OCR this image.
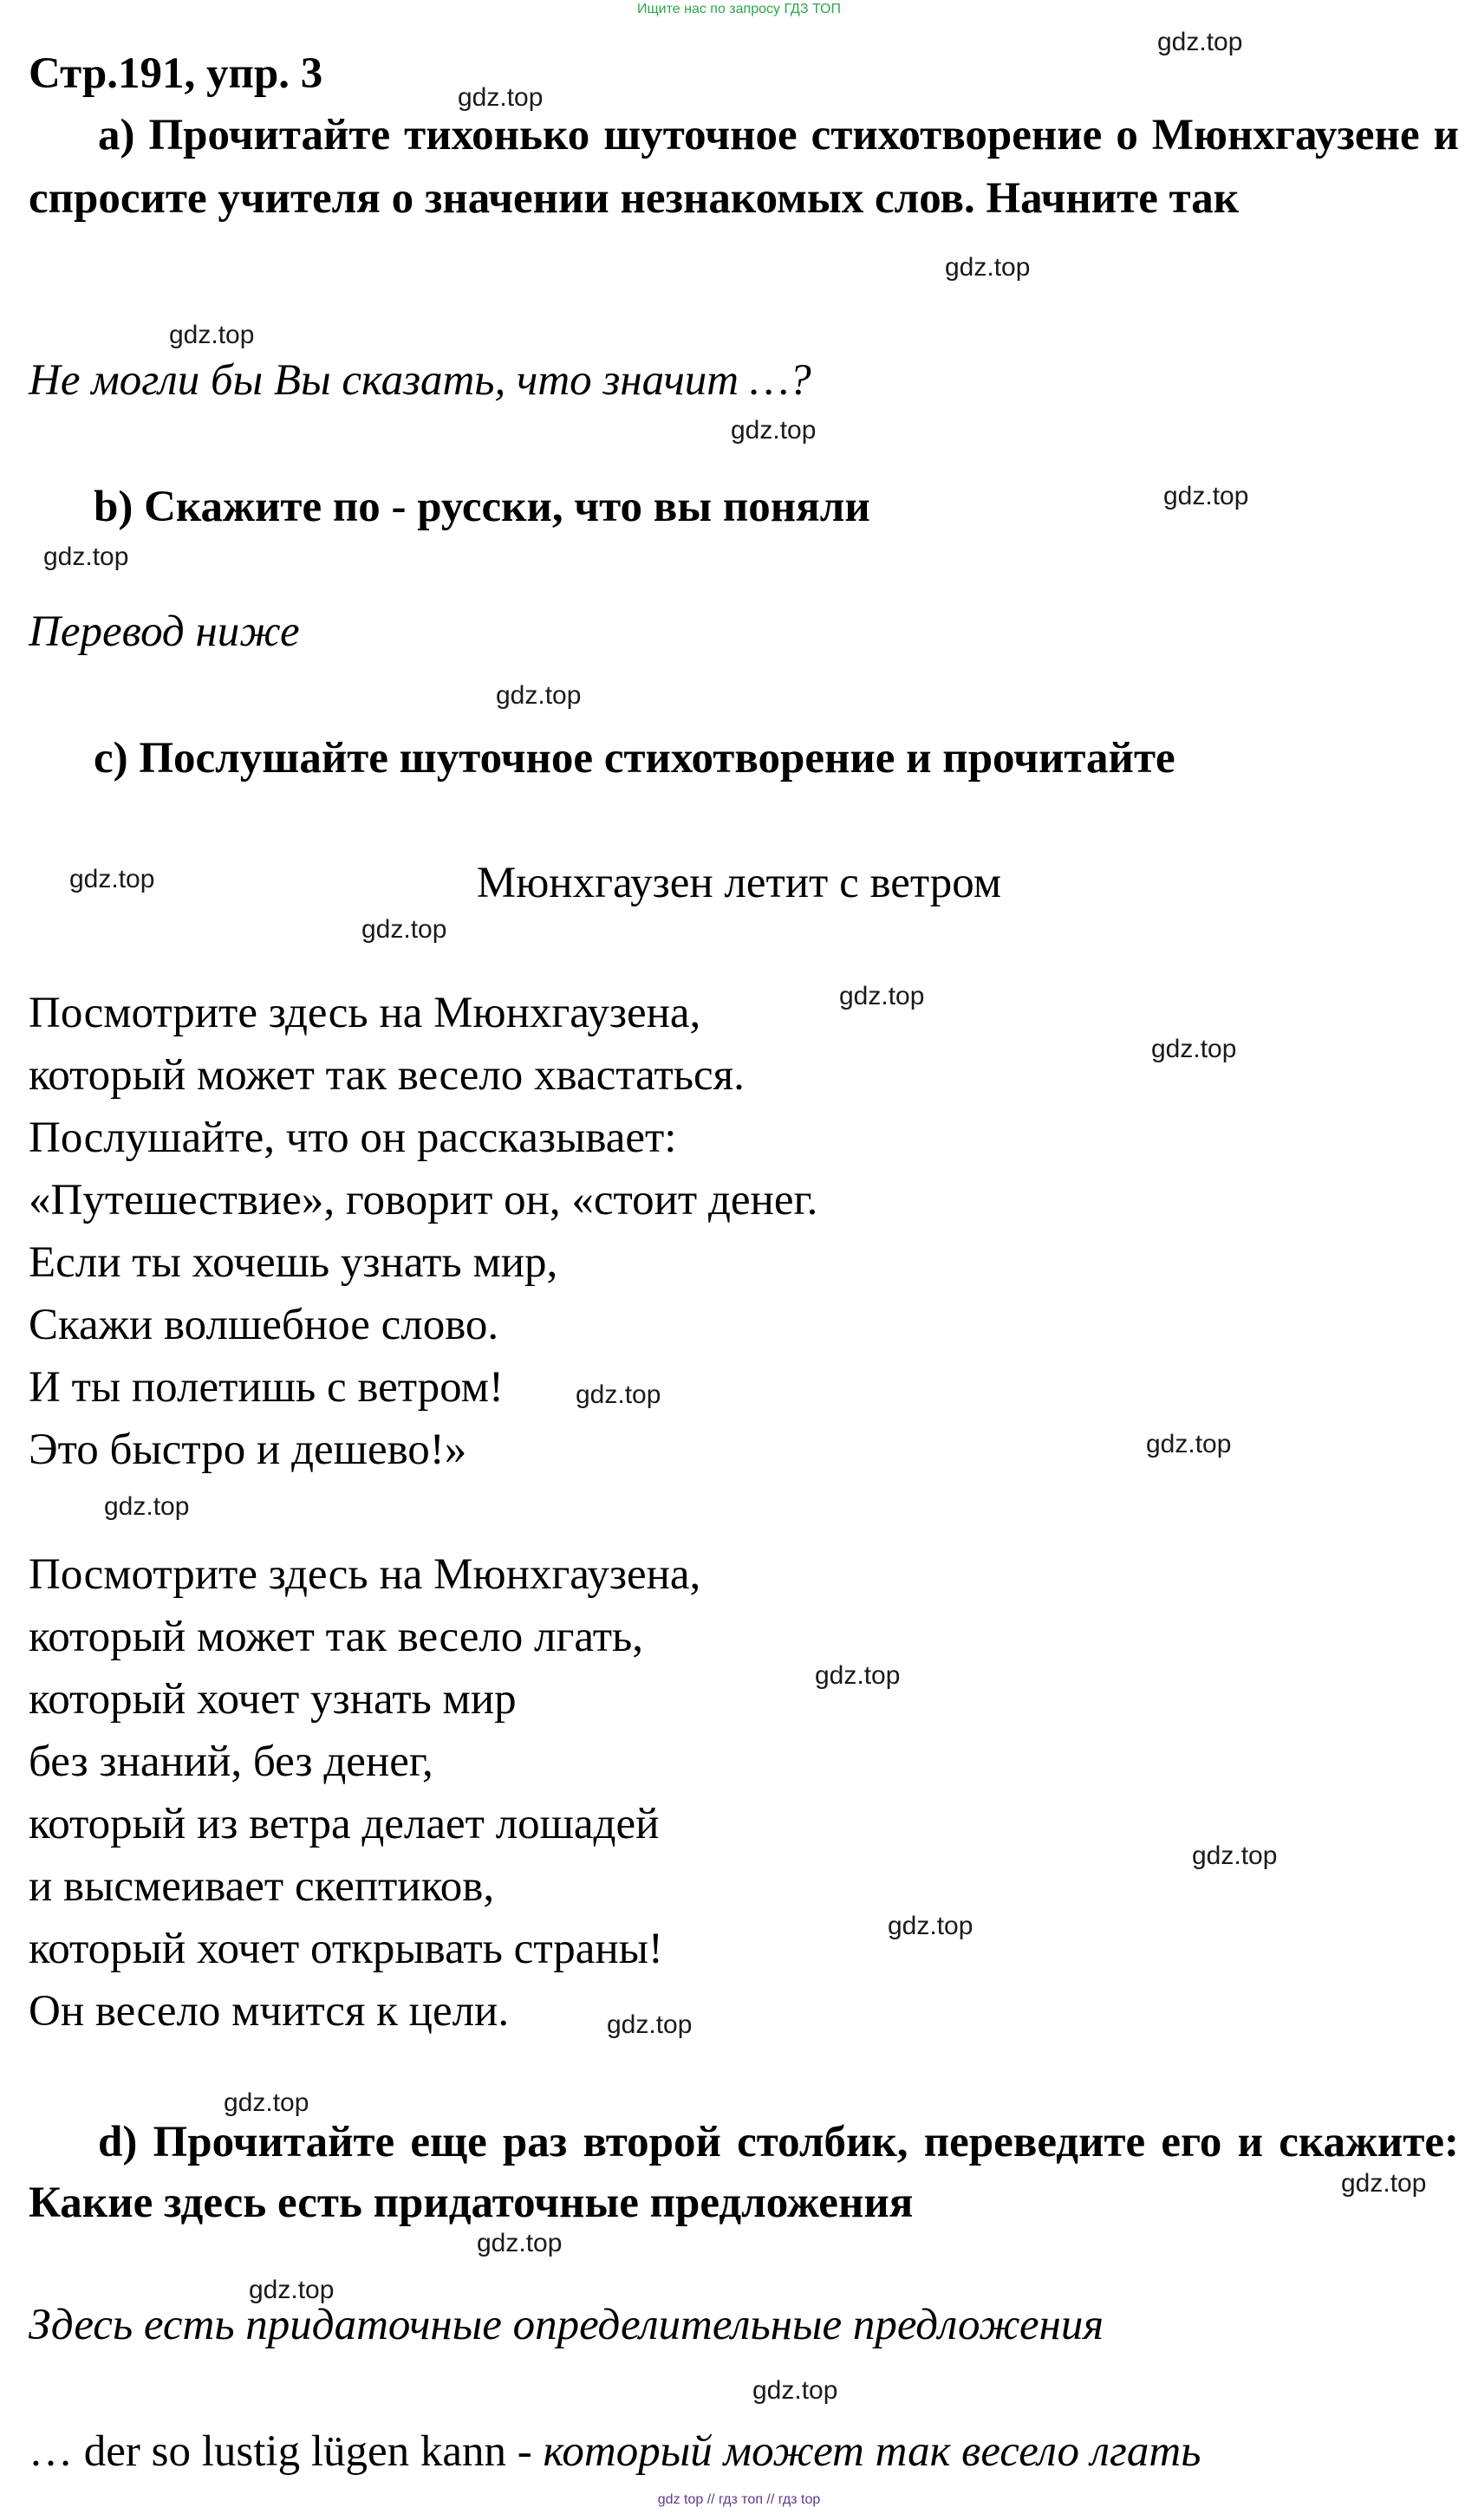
Ищите нас по запросу ГДЗ ТОП
Стр.191, упр. 3
a) Прочитайте тихонько шуточное стихотворение о Мюнхгаузене и спросите учителя о значении незнакомых слов. Начните так
Не могли бы Вы сказать, что значит …?
b) Скажите по - русски, что вы поняли
Перевод ниже
c) Послушайте шуточное стихотворение и прочитайте
Мюнхгаузен летит с ветром
Посмотрите здесь на Мюнхгаузена,
который может так весело хвастаться.
Послушайте, что он рассказывает:
«Путешествие», говорит он, «стоит денег.
Если ты хочешь узнать мир,
Скажи волшебное слово.
И ты полетишь с ветром!
Это быстро и дешево!»
Посмотрите здесь на Мюнхгаузена,
который может так весело лгать,
который хочет узнать мир
без знаний, без денег,
который из ветра делает лошадей
и высмеивает скептиков,
который хочет открывать страны!
Он весело мчится к цели.
d) Прочитайте еще раз второй столбик, переведите его и скажите: Какие здесь есть придаточные предложения
Здесь есть придаточные определительные предложения
… der so lustig lügen kann - который может так весело лгать
gdz.top
gdz.top
gdz.top
gdz.top
gdz.top
gdz.top
gdz.top
gdz.top
gdz.top
gdz.top
gdz.top
gdz.top
gdz.top
gdz.top
gdz.top
gdz.top
gdz.top
gdz.top
gdz.top
gdz.top
gdz.top
gdz.top
gdz.top
gdz.top
gdz top // гдз топ // гдз top
